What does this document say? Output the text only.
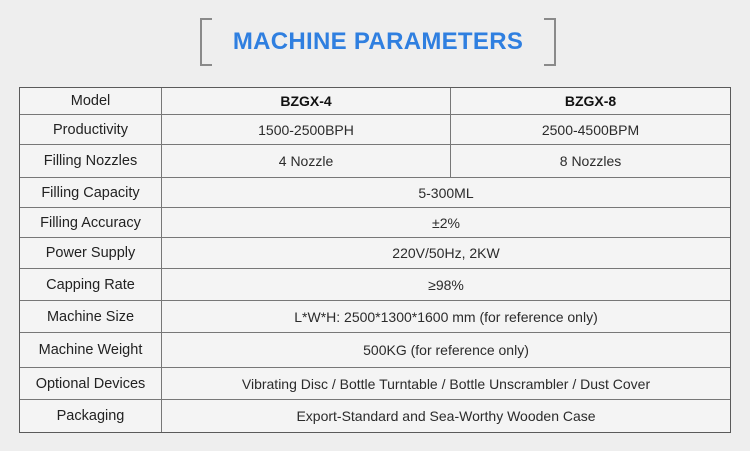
MACHINE PARAMETERS
Model	BZGX-4	BZGX-8
Productivity	1500-2500BPH	2500-4500BPM
Filling Nozzles	4 Nozzle	8 Nozzles
Filling Capacity	5-300ML
Filling Accuracy	±2%
Power Supply	220V/50Hz, 2KW
Capping Rate	≥98%
Machine Size	L*W*H: 2500*1300*1600 mm (for reference only)
Machine Weight	500KG (for reference only)
Optional Devices	Vibrating Disc / Bottle Turntable / Bottle Unscrambler / Dust Cover
Packaging	Export-Standard and Sea-Worthy Wooden Case
